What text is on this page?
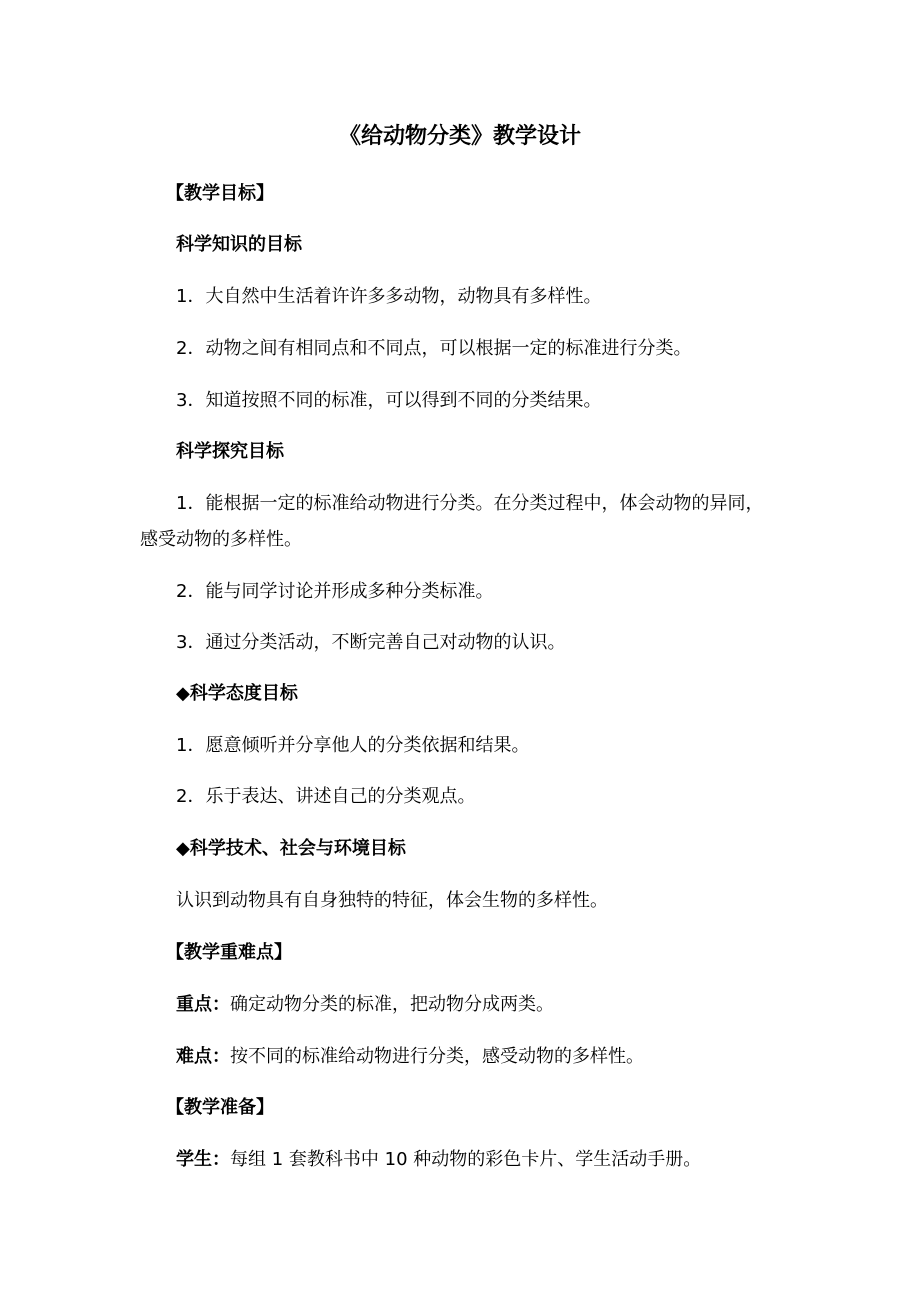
《给动物分类》教学设计

【教学目标】

科学知识的目标

1．大自然中生活着许许多多动物，动物具有多样性。

2．动物之间有相同点和不同点，可以根据一定的标准进行分类。

3．知道按照不同的标准，可以得到不同的分类结果。

科学探究目标

1．能根据一定的标准给动物进行分类。在分类过程中，体会动物的异同，感受动物的多样性。

2．能与同学讨论并形成多种分类标准。

3．通过分类活动，不断完善自己对动物的认识。

◆科学态度目标

1．愿意倾听并分享他人的分类依据和结果。

2．乐于表达、讲述自己的分类观点。

◆科学技术、社会与环境目标

认识到动物具有自身独特的特征，体会生物的多样性。

【教学重难点】

重点：确定动物分类的标准，把动物分成两类。

难点：按不同的标准给动物进行分类，感受动物的多样性。

【教学准备】

学生：每组 1 套教科书中 10 种动物的彩色卡片、学生活动手册。
